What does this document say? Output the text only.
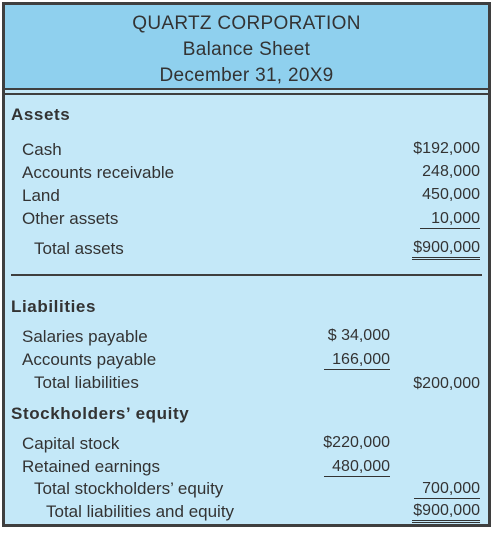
QUARTZ CORPORATION
Balance Sheet
December 31, 20X9
Assets
Cash	$192,000
Accounts receivable	248,000
Land	450,000
Other assets	10,000
Total assets	$900,000
Liabilities
Salaries payable	$ 34,000
Accounts payable	166,000
Total liabilities	$200,000
Stockholders’ equity
Capital stock	$220,000
Retained earnings	480,000
Total stockholders’ equity	700,000
Total liabilities and equity	$900,000
